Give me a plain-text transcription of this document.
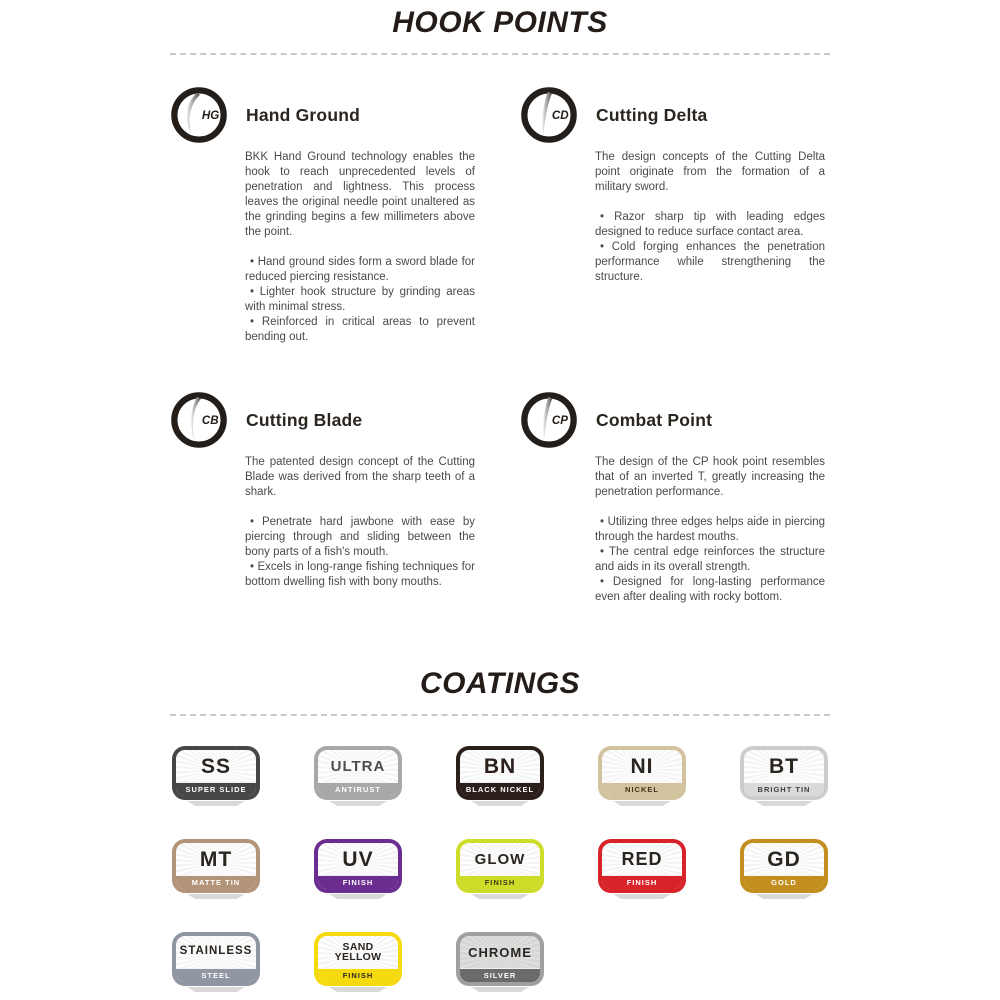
HOOK POINTS
HG Hand Ground

BKK Hand Ground technology enables the hook to reach unprecedented levels of penetration and lightness. This process leaves the original needle point unaltered as the grinding begins a few millimeters above the point.

• Hand ground sides form a sword blade for reduced piercing resistance.

• Lighter hook structure by grinding areas with minimal stress.

• Reinforced in critical areas to prevent bending out.

CD Cutting Delta

The design concepts of the Cutting Delta point originate from the formation of a military sword.

• Razor sharp tip with leading edges designed to reduce surface contact area.

• Cold forging enhances the penetration performance while strengthening the structure.

CB Cutting Blade

The patented design concept of the Cutting Blade was derived from the sharp teeth of a shark.

• Penetrate hard jawbone with ease by piercing through and sliding between the bony parts of a fish's mouth.

• Excels in long-range fishing techniques for bottom dwelling fish with bony mouths.

CP Combat Point

The design of the CP hook point resembles that of an inverted T, greatly increasing the penetration performance.

• Utilizing three edges helps aide in piercing through the hardest mouths.

• The central edge reinforces the structure and aids in its overall strength.

• Designed for long-lasting performance even after dealing with rocky bottom.

COATINGS
SS
SUPER SLIDE
ULTRA
ANTIRUST
BN
BLACK NICKEL
NI
NICKEL
BT
BRIGHT TIN
MT
MATTE TIN
UV
FINISH
GLOW
FINISH
RED
FINISH
GD
GOLD
STAINLESS
STEEL
SAND YELLOW
FINISH
CHROME
SILVER
